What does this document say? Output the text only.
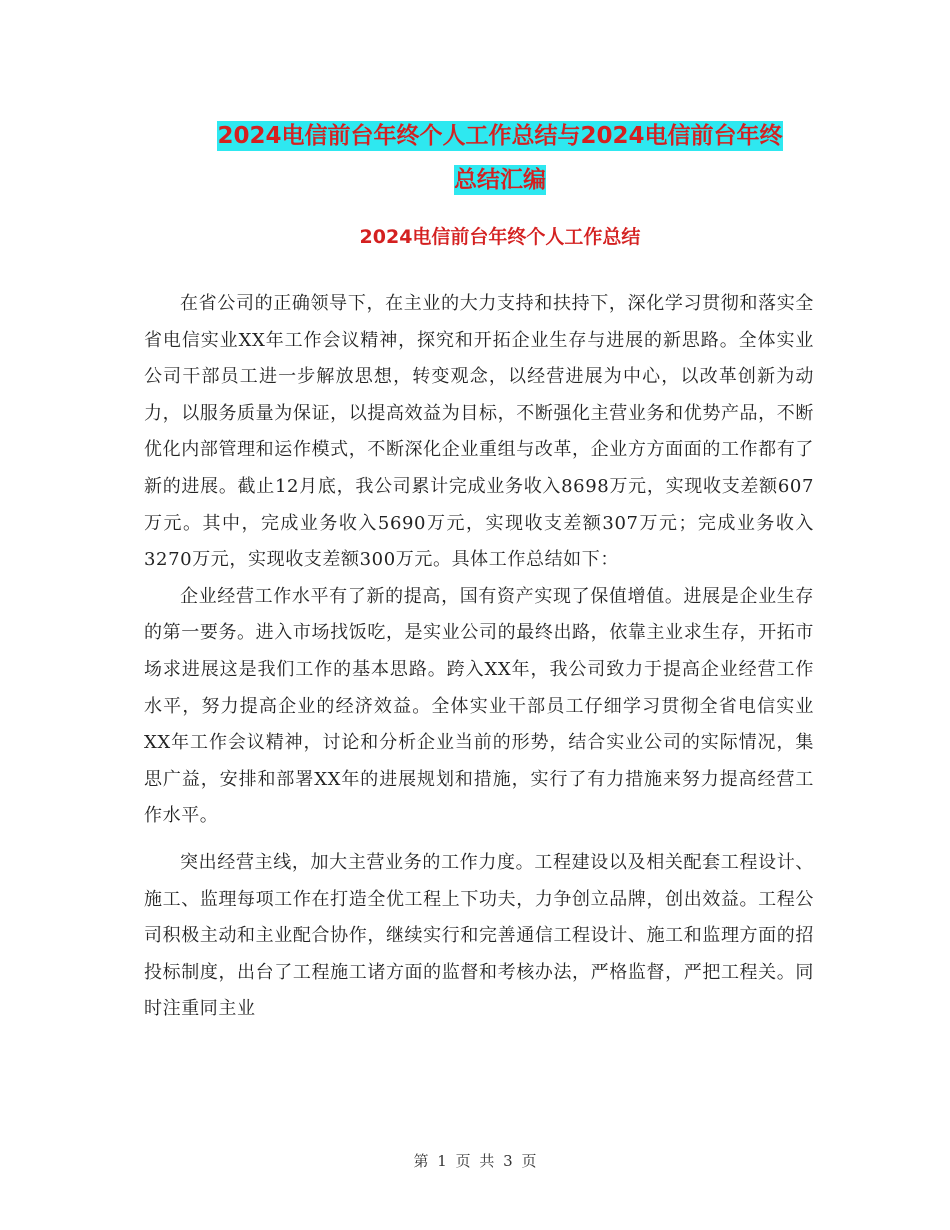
2024电信前台年终个人工作总结与2024电信前台年终
总结汇编
2024电信前台年终个人工作总结

在省公司的正确领导下，在主业的大力支持和扶持下，深化学习贯彻和落实全省电信实业XX年工作会议精神，探究和开拓企业生存与进展的新思路。全体实业公司干部员工进一步解放思想，转变观念，以经营进展为中心，以改革创新为动力，以服务质量为保证，以提高效益为目标，不断强化主营业务和优势产品，不断优化内部管理和运作模式，不断深化企业重组与改革，企业方方面面的工作都有了新的进展。截止12月底，我公司累计完成业务收入8698万元，实现收支差额607万元。其中，完成业务收入5690万元，实现收支差额307万元；完成业务收入3270万元，实现收支差额300万元。具体工作总结如下：

企业经营工作水平有了新的提高，国有资产实现了保值增值。进展是企业生存的第一要务。进入市场找饭吃，是实业公司的最终出路，依靠主业求生存，开拓市场求进展这是我们工作的基本思路。跨入XX年，我公司致力于提高企业经营工作水平，努力提高企业的经济效益。全体实业干部员工仔细学习贯彻全省电信实业XX年工作会议精神，讨论和分析企业当前的形势，结合实业公司的实际情况，集思广益，安排和部署XX年的进展规划和措施，实行了有力措施来努力提高经营工作水平。

突出经营主线，加大主营业务的工作力度。工程建设以及相关配套工程设计、施工、监理每项工作在打造全优工程上下功夫，力争创立品牌，创出效益。工程公司积极主动和主业配合协作，继续实行和完善通信工程设计、施工和监理方面的招投标制度，出台了工程施工诸方面的监督和考核办法，严格监督，严把工程关。同时注重同主业

第 1 页 共 3 页
